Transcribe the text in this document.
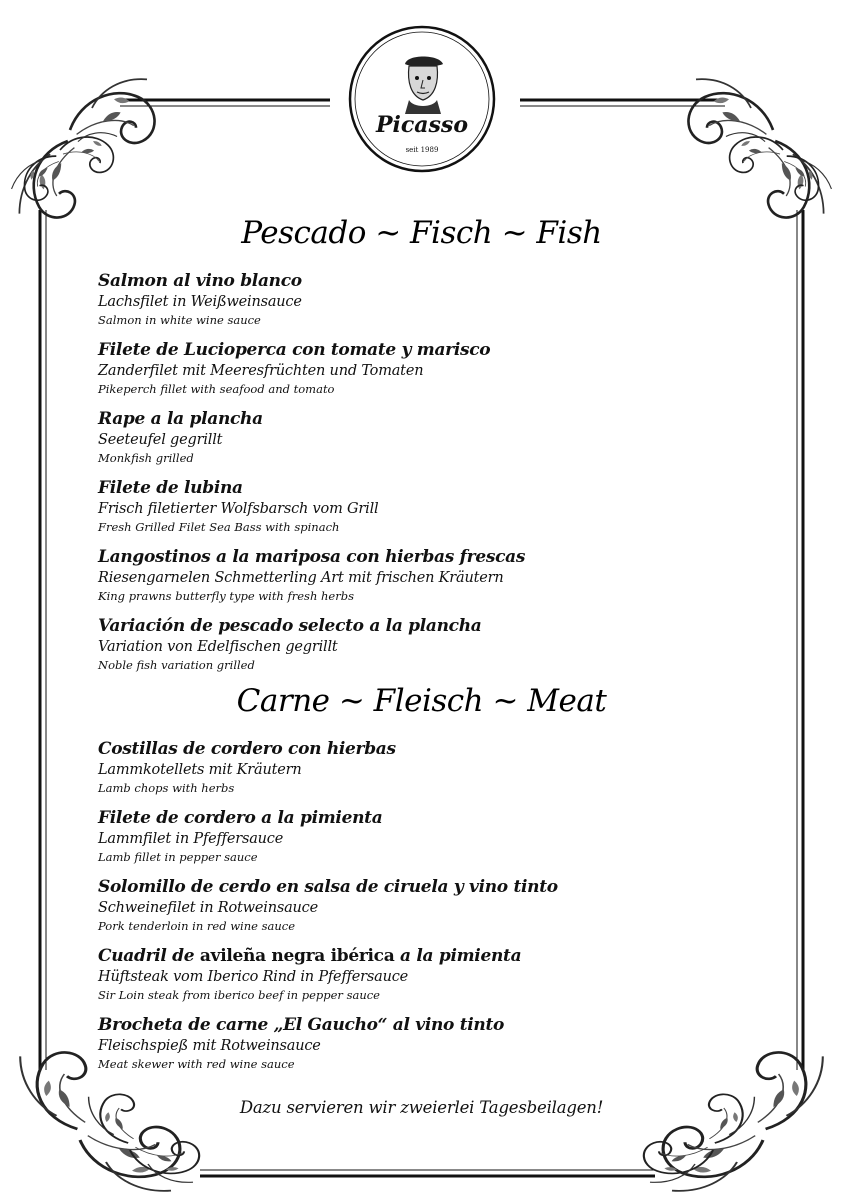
Picasso
seit 1989
Pescado ~ Fisch ~ Fish
Salmon al vino blanco
Lachsfilet in Weißweinsauce
Salmon in white wine sauce
Filete de Lucioperca con tomate y marisco
Zanderfilet mit Meeresfrüchten und Tomaten
Pikeperch fillet with seafood and tomato
Rape a la plancha
Seeteufel gegrillt
Monkfish grilled
Filete de lubina
Frisch filetierter Wolfsbarsch vom Grill
Fresh Grilled Filet Sea Bass with spinach
Langostinos a la mariposa con hierbas frescas
Riesengarnelen Schmetterling Art mit frischen Kräutern
King prawns butterfly type with fresh herbs
Variación de pescado selecto a la plancha
Variation von Edelfischen gegrillt
Noble fish variation grilled
Carne ~ Fleisch ~ Meat
Costillas de cordero con hierbas
Lammkotellets mit Kräutern
Lamb chops with herbs
Filete de cordero a la pimienta
Lammfilet in Pfeffersauce
Lamb fillet in pepper sauce
Solomillo de cerdo en salsa de ciruela y vino tinto
Schweinefilet in Rotweinsauce
Pork tenderloin in red wine sauce
Cuadril de avileña negra ibérica a la pimienta
Hüftsteak vom Iberico Rind in Pfeffersauce
Sir Loin steak from iberico beef in pepper sauce
Brocheta de carne „El Gaucho“ al vino tinto
Fleischspieß mit Rotweinsauce
Meat skewer with red wine sauce
Dazu servieren wir zweierlei Tagesbeilagen!
